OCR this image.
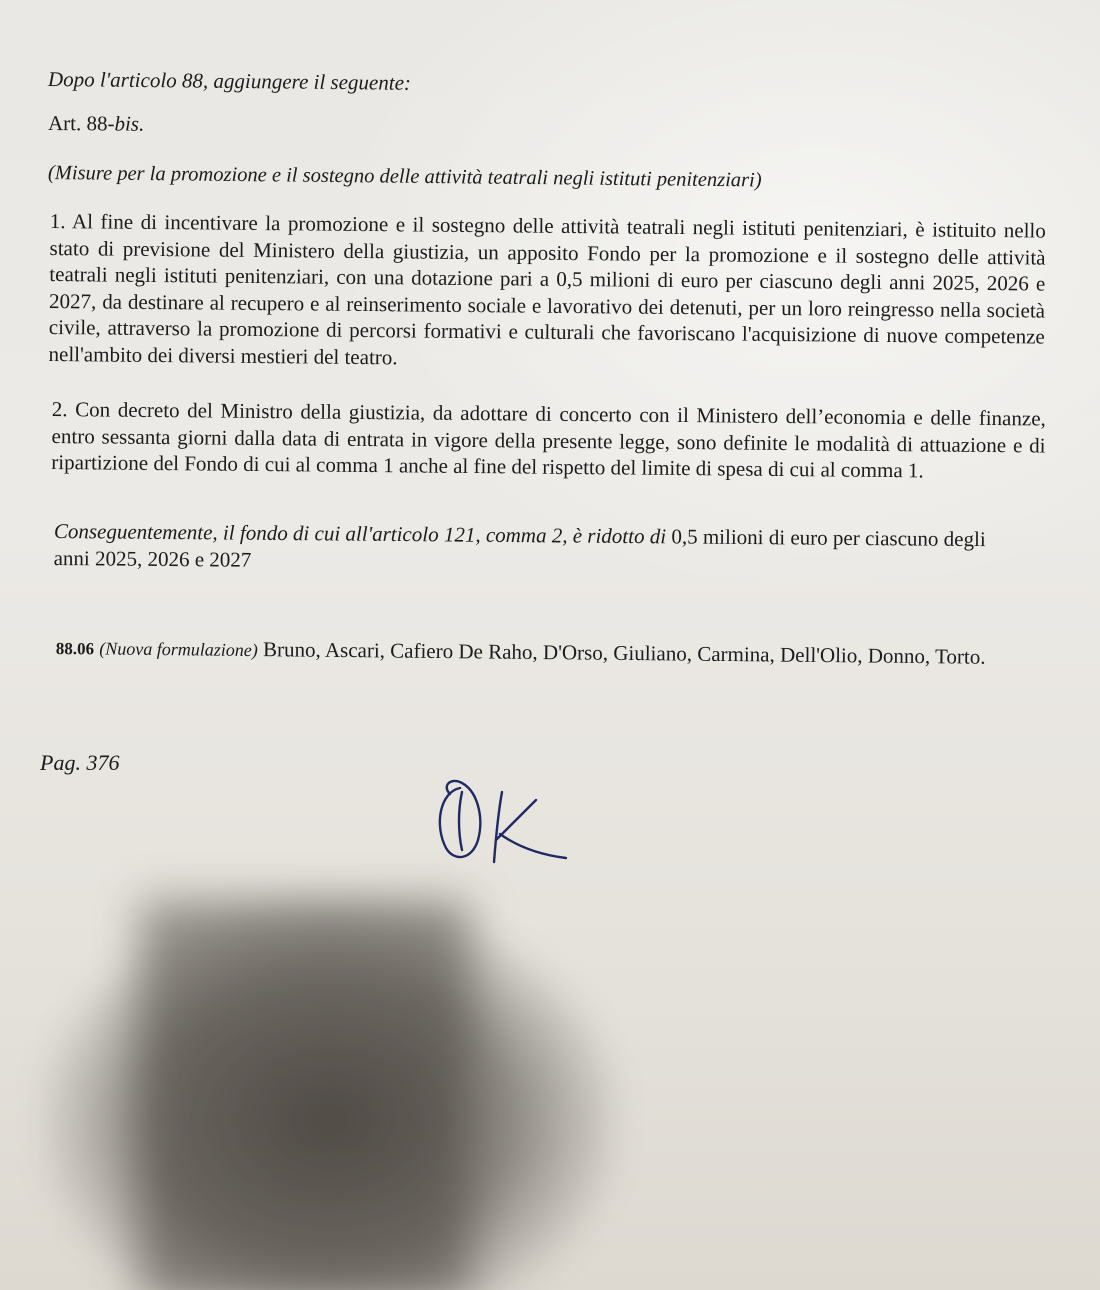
Dopo l'articolo 88, aggiungere il seguente:
Art. 88-bis.
(Misure per la promozione e il sostegno delle attività teatrali negli istituti penitenziari)
1. Al fine di incentivare la promozione e il sostegno delle attività teatrali negli istituti penitenziari, è istituito nello stato di previsione del Ministero della giustizia, un apposito Fondo per la promozione e il sostegno delle attività teatrali negli istituti penitenziari, con una dotazione pari a 0,5 milioni di euro per ciascuno degli anni 2025, 2026 e 2027, da destinare al recupero e al reinserimento sociale e lavorativo dei detenuti, per un loro reingresso nella società civile, attraverso la promozione di percorsi formativi e culturali che favoriscano l'acquisizione di nuove competenze nell'ambito dei diversi mestieri del teatro.
2. Con decreto del Ministro della giustizia, da adottare di concerto con il Ministero dell’economia e delle finanze, entro sessanta giorni dalla data di entrata in vigore della presente legge, sono definite le modalità di attuazione e di ripartizione del Fondo di cui al comma 1 anche al fine del rispetto del limite di spesa di cui al comma 1.
Conseguentemente, il fondo di cui all'articolo 121, comma 2, è ridotto di 0,5 milioni di euro per ciascuno degli anni 2025, 2026 e 2027
88.06 (Nuova formulazione) Bruno, Ascari, Cafiero De Raho, D'Orso, Giuliano, Carmina, Dell'Olio, Donno, Torto.
Pag. 376
